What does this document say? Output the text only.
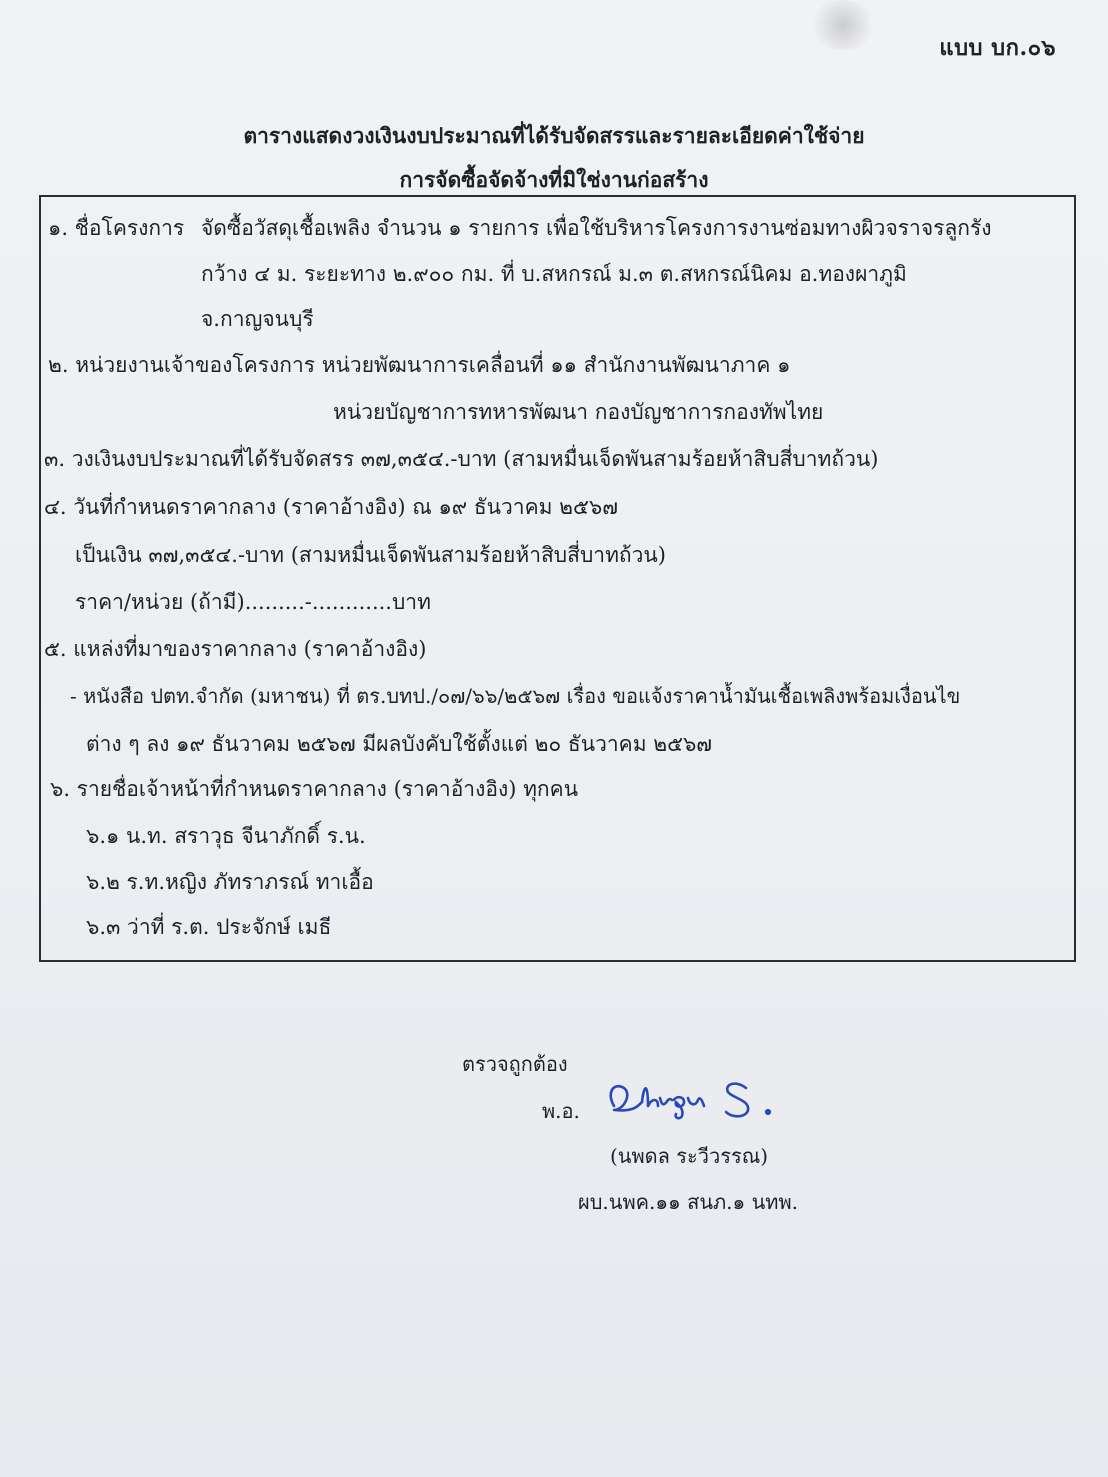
แบบ บก.๐๖
ตารางแสดงวงเงินงบประมาณที่ได้รับจัดสรรและรายละเอียดค่าใช้จ่าย
การจัดซื้อจัดจ้างที่มิใช่งานก่อสร้าง
๑. ชื่อโครงการ จัดซื้อวัสดุเชื้อเพลิง จำนวน ๑ รายการ เพื่อใช้บริหารโครงการงานซ่อมทางผิวจราจรลูกรัง
กว้าง ๔ ม. ระยะทาง ๒.๙๐๐ กม. ที่ บ.สหกรณ์ ม.๓ ต.สหกรณ์นิคม อ.ทองผาภูมิ
จ.กาญจนบุรี
๒. หน่วยงานเจ้าของโครงการ หน่วยพัฒนาการเคลื่อนที่ ๑๑ สำนักงานพัฒนาภาค ๑
หน่วยบัญชาการทหารพัฒนา กองบัญชาการกองทัพไทย
๓. วงเงินงบประมาณที่ได้รับจัดสรร ๓๗,๓๕๔.-บาท (สามหมื่นเจ็ดพันสามร้อยห้าสิบสี่บาทถ้วน)
๔. วันที่กำหนดราคากลาง (ราคาอ้างอิง) ณ ๑๙ ธันวาคม ๒๕๖๗
เป็นเงิน ๓๗,๓๕๔.-บาท (สามหมื่นเจ็ดพันสามร้อยห้าสิบสี่บาทถ้วน)
ราคา/หน่วย (ถ้ามี).........-............บาท
๕. แหล่งที่มาของราคากลาง (ราคาอ้างอิง)
- หนังสือ ปตท.จำกัด (มหาชน) ที่ ตร.บทป./๐๗/๖๖/๒๕๖๗ เรื่อง ขอแจ้งราคาน้ำมันเชื้อเพลิงพร้อมเงื่อนไข
ต่าง ๆ ลง ๑๙ ธันวาคม ๒๕๖๗ มีผลบังคับใช้ตั้งแต่ ๒๐ ธันวาคม ๒๕๖๗
๖. รายชื่อเจ้าหน้าที่กำหนดราคากลาง (ราคาอ้างอิง) ทุกคน
๖.๑ น.ท. สราวุธ จีนาภักดิ์ ร.น.
๖.๒ ร.ท.หญิง ภัทราภรณ์ ทาเอื้อ
๖.๓ ว่าที่ ร.ต. ประจักษ์ เมธี
ตรวจถูกต้อง
พ.อ.
(นพดล ระวีวรรณ)
ผบ.นพค.๑๑ สนภ.๑ นทพ.
